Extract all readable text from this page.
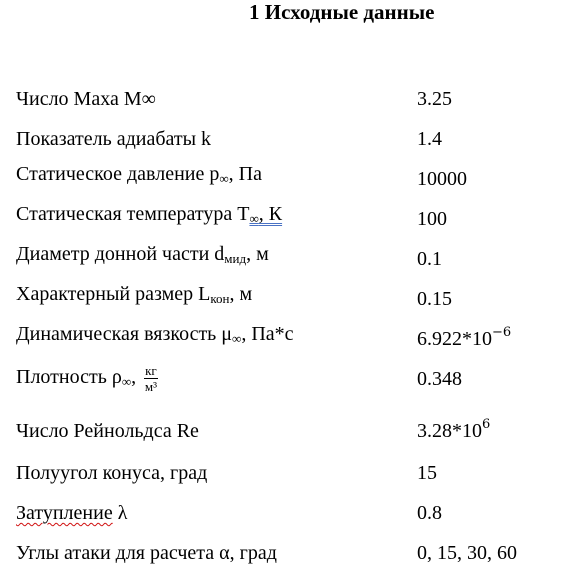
1 Исходные данные
Число Маха M∞	3.25
Показатель адиабаты k	1.4
Статическое давление $p_\infty$, Па	10000
Статическая температура $T_\infty$, К	100
Диаметр донной части $d_{мид}$, м	0.1
Характерный размер $L_{кон}$, м	0.15
Динамическая вязкость $\mu_\infty$, Па*с	$6.922*10^{-6}$
Плотность $\rho_\infty$, $\frac{кг}{\text{м³}}$	0.348
Число Рейнольдса Re	$3.28*10^6$
Полуугол конуса, град	15
Затупление λ	0.8
Углы атаки для расчета α, град	0, 15, 30, 60
